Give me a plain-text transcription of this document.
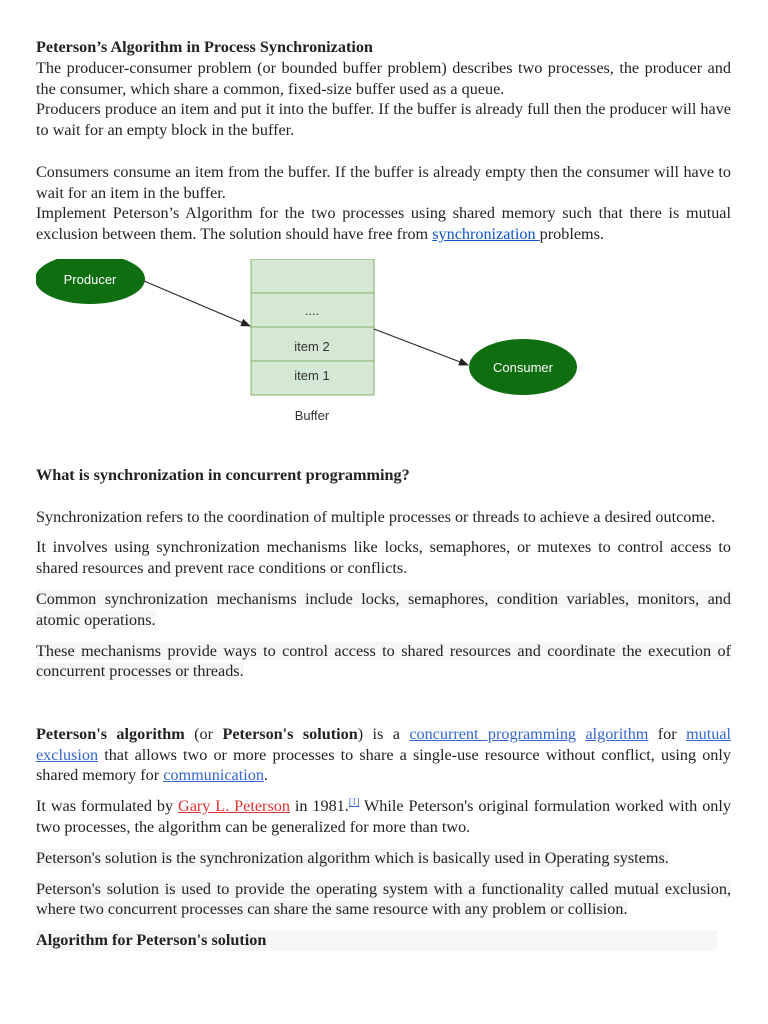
Peterson’s Algorithm in Process Synchronization

The producer-consumer problem (or bounded buffer problem) describes two processes, the producer and the consumer, which share a common, fixed-size buffer used as a queue.

Producers produce an item and put it into the buffer. If the buffer is already full then the producer will have to wait for an empty block in the buffer.

Consumers consume an item from the buffer. If the buffer is already empty then the consumer will have to wait for an item in the buffer.

Implement Peterson’s Algorithm for the two processes using shared memory such that there is mutual exclusion between them. The solution should have free from synchronization problems.

Producer
....
item 2
item 1
Buffer
Consumer

What is synchronization in concurrent programming?

Synchronization refers to the coordination of multiple processes or threads to achieve a desired outcome.

It involves using synchronization mechanisms like locks, semaphores, or mutexes to control access to shared resources and prevent race conditions or conflicts.

Common synchronization mechanisms include locks, semaphores, condition variables, monitors, and atomic operations.

These mechanisms provide ways to control access to shared resources and coordinate the execution of concurrent processes or threads.

Peterson's algorithm (or Peterson's solution) is a concurrent programming algorithm for mutual exclusion that allows two or more processes to share a single-use resource without conflict, using only shared memory for communication.

It was formulated by Gary L. Peterson in 1981.[1] While Peterson's original formulation worked with only two processes, the algorithm can be generalized for more than two.

Peterson's solution is the synchronization algorithm which is basically used in Operating systems.

Peterson's solution is used to provide the operating system with a functionality called mutual exclusion, where two concurrent processes can share the same resource with any problem or collision.

Algorithm for Peterson's solution
